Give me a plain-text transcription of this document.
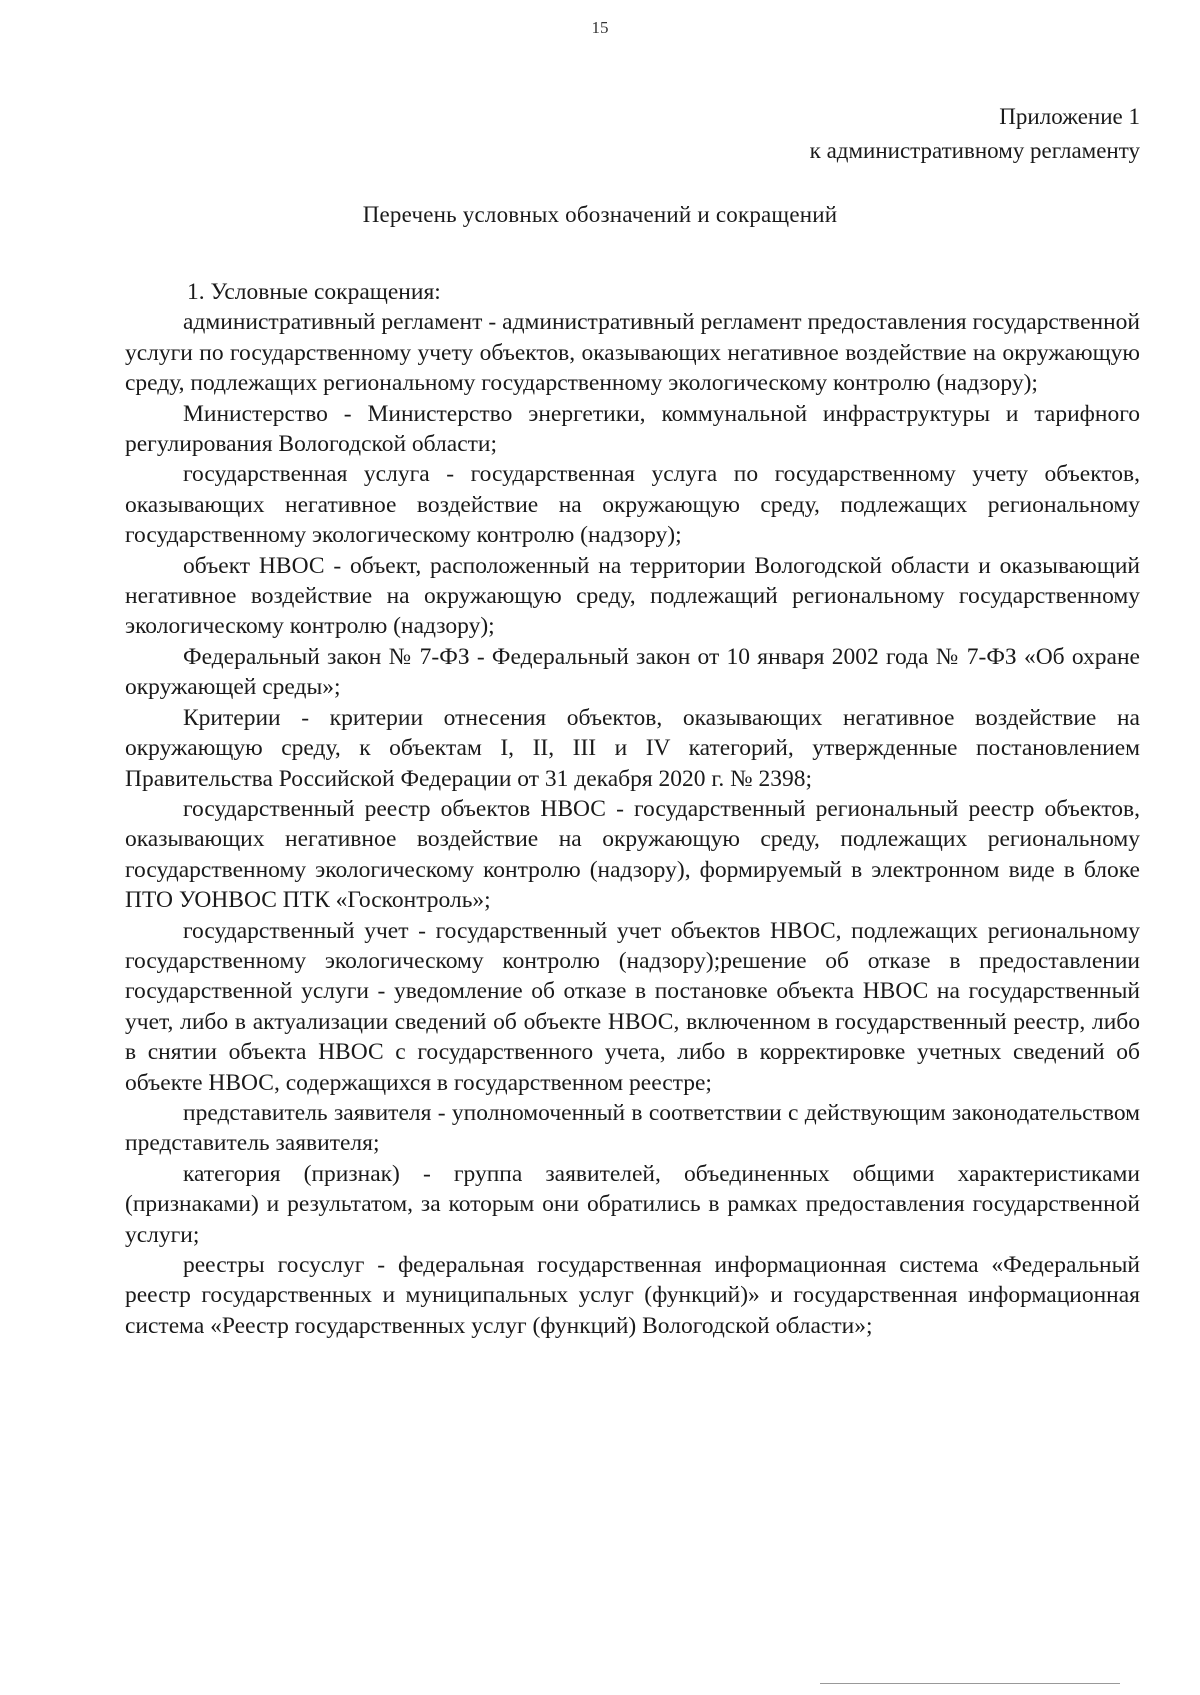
15
Приложение 1
к административному регламенту
Перечень условных обозначений и сокращений

1. Условные сокращения:

административный регламент - административный регламент предоставления государственной услуги по государственному учету объектов, оказывающих негативное воздействие на окружающую среду, подлежащих региональному государственному экологическому контролю (надзору);

Министерство - Министерство энергетики, коммунальной инфраструктуры и тарифного регулирования Вологодской области;

государственная услуга - государственная услуга по государственному учету объектов, оказывающих негативное воздействие на окружающую среду, подлежащих региональному государственному экологическому контролю (надзору);

объект НВОС - объект, расположенный на территории Вологодской области и оказывающий негативное воздействие на окружающую среду, подлежащий региональному государственному экологическому контролю (надзору);

Федеральный закон № 7-ФЗ - Федеральный закон от 10 января 2002 года № 7-ФЗ «Об охране окружающей среды»;

Критерии - критерии отнесения объектов, оказывающих негативное воздействие на окружающую среду, к объектам I, II, III и IV категорий, утвержденные постановлением Правительства Российской Федерации от 31 декабря 2020 г. № 2398;

государственный реестр объектов НВОС - государственный региональный реестр объектов, оказывающих негативное воздействие на окружающую среду, подлежащих региональному государственному экологическому контролю (надзору), формируемый в электронном виде в блоке ПТО УОНВОС ПТК «Госконтроль»;

государственный учет - государственный учет объектов НВОС, подлежащих региональному государственному экологическому контролю (надзору);решение об отказе в предоставлении государственной услуги - уведомление об отказе в постановке объекта НВОС на государственный учет, либо в актуализации сведений об объекте НВОС, включенном в государственный реестр, либо в снятии объекта НВОС с государственного учета, либо в корректировке учетных сведений об объекте НВОС, содержащихся в государственном реестре;

представитель заявителя - уполномоченный в соответствии с действующим законодательством представитель заявителя;

категория (признак) - группа заявителей, объединенных общими характеристиками (признаками) и результатом, за которым они обратились в рамках предоставления государственной услуги;

реестры госуслуг - федеральная государственная информационная система «Федеральный реестр государственных и муниципальных услуг (функций)» и государственная информационная система «Реестр государственных услуг (функций) Вологодской области»;
